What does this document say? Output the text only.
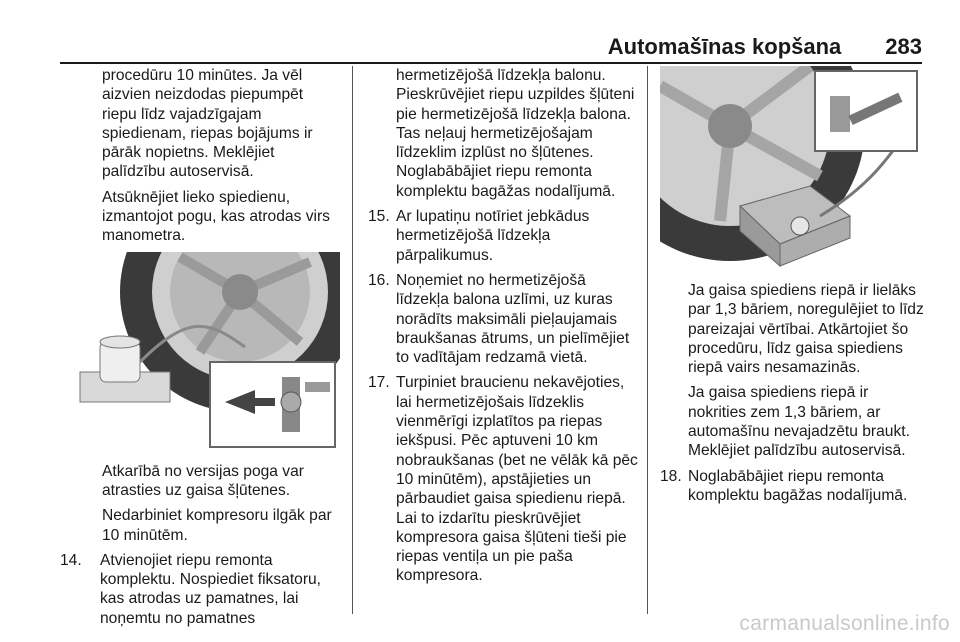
Automašīnas kopšana 283

procedūru 10 minūtes. Ja vēl aizvien neizdodas piepumpēt riepu līdz vajadzīgajam spiedienam, riepas bojājums ir pārāk nopietns. Meklējiet palīdzību autoservisā.

Atsūknējiet lieko spiedienu, izmantojot pogu, kas atrodas virs manometra.

Atkarībā no versijas poga var atrasties uz gaisa šļūtenes.

Nedarbiniet kompresoru ilgāk par 10 minūtēm.

14.	Atvienojiet riepu remonta komplektu. Nospiediet fiksatoru, kas atrodas uz pamatnes, lai noņemtu no pamatnes

hermetizējošā līdzekļa balonu. Pieskrūvējiet riepu uzpildes šļūteni pie hermetizējošā līdzekļa balona. Tas neļauj hermetizējošajam līdzeklim izplūst no šļūtenes. Noglabābājiet riepu remonta komplektu bagāžas nodalījumā.

15. Ar lupatiņu notīriet jebkādus hermetizējošā līdzekļa pārpalikumus.
16. Noņemiet no hermetizējošā līdzekļa balona uzlīmi, uz kuras norādīts maksimāli pieļaujamais braukšanas ātrums, un pielīmējiet to vadītājam redzamā vietā.
17. Turpiniet braucienu nekavējoties, lai hermetizējošais līdzeklis vienmērīgi izplatītos pa riepas iekšpusi. Pēc aptuveni 10 km nobraukšanas (bet ne vēlāk kā pēc 10 minūtēm), apstājieties un pārbaudiet gaisa spiedienu riepā. Lai to izdarītu pieskrūvējiet kompresora gaisa šļūteni tieši pie riepas ventiļa un pie paša kompresora.

Ja gaisa spiediens riepā ir lielāks par 1,3 bāriem, noregulējiet to līdz pareizajai vērtībai. Atkārtojiet šo procedūru, līdz gaisa spiediens riepā vairs nesamazinās.

Ja gaisa spiediens riepā ir nokrities zem 1,3 bāriem, ar automašīnu nevajadzētu braukt. Meklējiet palīdzību autoservisā.

18. Noglabābājiet riepu remonta komplektu bagāžas nodalījumā.
carmanualsonline.info
